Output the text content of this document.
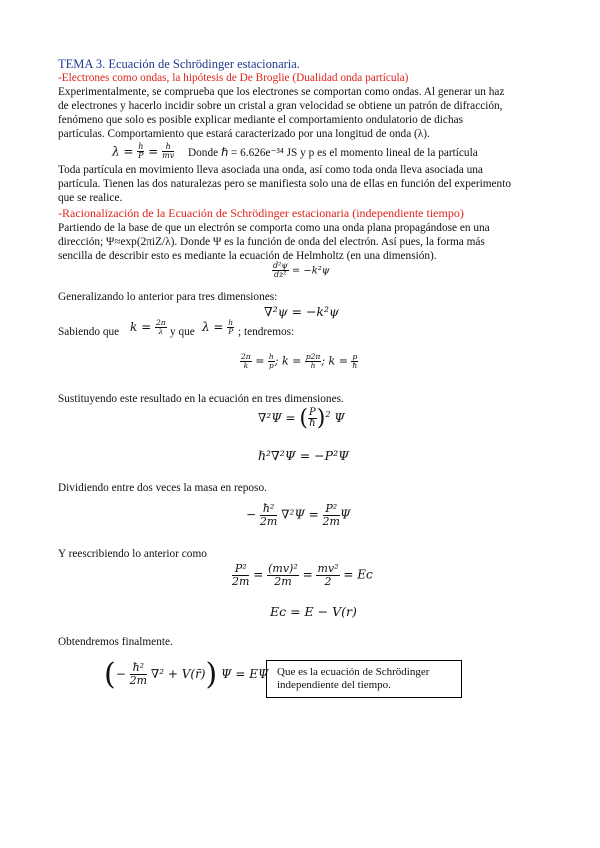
TEMA 3. Ecuación de Schrödinger estacionaria.
-Electrones como ondas, la hipótesis de De Broglie (Dualidad onda partícula)
Experimentalmente, se comprueba que los electrones se comportan como ondas. Al generar un haz
de electrones y hacerlo incidir sobre un cristal a gran velocidad se obtiene un patrón de difracción,
fenómeno que solo es posible explicar mediante el comportamiento ondulatorio de dichas
partículas. Comportamiento que estará caracterizado por una longitud de onda (λ).
$\lambda = \frac{h}{P} = \frac{h}{mv}$ Donde ℏ = 6.626e⁻³⁴ JS y p es el momento lineal de la partícula
Toda partícula en movimiento lleva asociada una onda, así como toda onda lleva asociada una
partícula. Tienen las dos naturalezas pero se manifiesta solo una de ellas en función del experimento
que se realice.
-Racionalización de la Ecuación de Schrödinger estacionaria (independiente tiempo)
Partiendo de la base de que un electrón se comporta como una onda plana propagándose en una
dirección; Ψ≈exp(2πiZ/λ). Donde Ψ es la función de onda del electrón. Así pues, la forma más
sencilla de describir esto es mediante la ecuación de Helmholtz (en una dimensión).
$\frac{\text{d²ψ}}{\text{dz²}} = -k^2\psi$
Generalizando lo anterior para tres dimensiones:
∇²ψ = −k²ψ
Sabiendo que $k = \frac{2\pi}{\lambda}$ y que $\lambda = \frac{h}{P}$ ; tendremos:
$\frac{2\pi}{k} = \frac{h}{p}$ ; $k = \frac{p2\pi}{h}$ ; $k = \frac{p}{ħ}$
Sustituyendo este resultado en la ecuación en tres dimensiones.
∇²Ψ = ( $\frac{P}{ħ} )^2$ Ψ
ℏ²∇²Ψ = −P²Ψ
Dividiendo entre dos veces la masa en reposo.
− $\frac{\text{ħ²}}{2m} \nabla^2\Psi = \frac{\text{P²}}{2m}$ Ψ
Y reescribiendo lo anterior como
$\frac{\text{P²}}{2m} = \frac{\text{(mv)²}}{2m} = \frac{\text{mv²}}{2}$ = Eᴄ
Eᴄ = E − V(r)
Obtendremos finalmente.
(− $\frac{\text{ħ²}}{2m} \nabla^2$ + V(r̄)) Ψ = EΨ Que es la ecuación de Schrödinger
independiente del tiempo.
